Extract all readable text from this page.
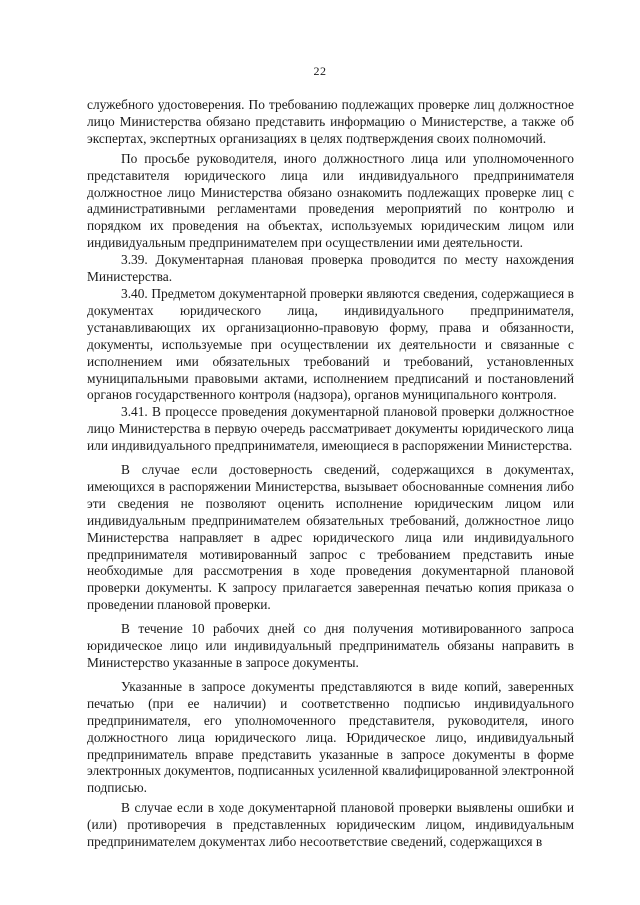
22

служебного удостоверения. По требованию подлежащих проверке лиц должностное лицо Министерства обязано представить информацию о Министерстве, а также об экспертах, экспертных организациях в целях подтверждения своих полномочий.

По просьбе руководителя, иного должностного лица или уполномоченного представителя юридического лица или индивидуального предпринимателя должностное лицо Министерства обязано ознакомить подлежащих проверке лиц с административными регламентами проведения мероприятий по контролю и порядком их проведения на объектах, используемых юридическим лицом или индивидуальным предпринимателем при осуществлении ими деятельности.

3.39. Документарная плановая проверка проводится по месту нахождения Министерства.

3.40. Предметом документарной проверки являются сведения, содержащиеся в документах юридического лица, индивидуального предпринимателя, устанавливающих их организационно-правовую форму, права и обязанности, документы, используемые при осуществлении их деятельности и связанные с исполнением ими обязательных требований и требований, установленных муниципальными правовыми актами, исполнением предписаний и постановлений органов государственного контроля (надзора), органов муниципального контроля.

3.41. В процессе проведения документарной плановой проверки должностное лицо Министерства в первую очередь рассматривает документы юридического лица или индивидуального предпринимателя, имеющиеся в распоряжении Министерства.

В случае если достоверность сведений, содержащихся в документах, имеющихся в распоряжении Министерства, вызывает обоснованные сомнения либо эти сведения не позволяют оценить исполнение юридическим лицом или индивидуальным предпринимателем обязательных требований, должностное лицо Министерства направляет в адрес юридического лица или индивидуального предпринимателя мотивированный запрос с требованием представить иные необходимые для рассмотрения в ходе проведения документарной плановой проверки документы. К запросу прилагается заверенная печатью копия приказа о проведении плановой проверки.

В течение 10 рабочих дней со дня получения мотивированного запроса юридическое лицо или индивидуальный предприниматель обязаны направить в Министерство указанные в запросе документы.

Указанные в запросе документы представляются в виде копий, заверенных печатью (при ее наличии) и соответственно подписью индивидуального предпринимателя, его уполномоченного представителя, руководителя, иного должностного лица юридического лица. Юридическое лицо, индивидуальный предприниматель вправе представить указанные в запросе документы в форме электронных документов, подписанных усиленной квалифицированной электронной подписью.

В случае если в ходе документарной плановой проверки выявлены ошибки и (или) противоречия в представленных юридическим лицом, индивидуальным предпринимателем документах либо несоответствие сведений, содержащихся в
